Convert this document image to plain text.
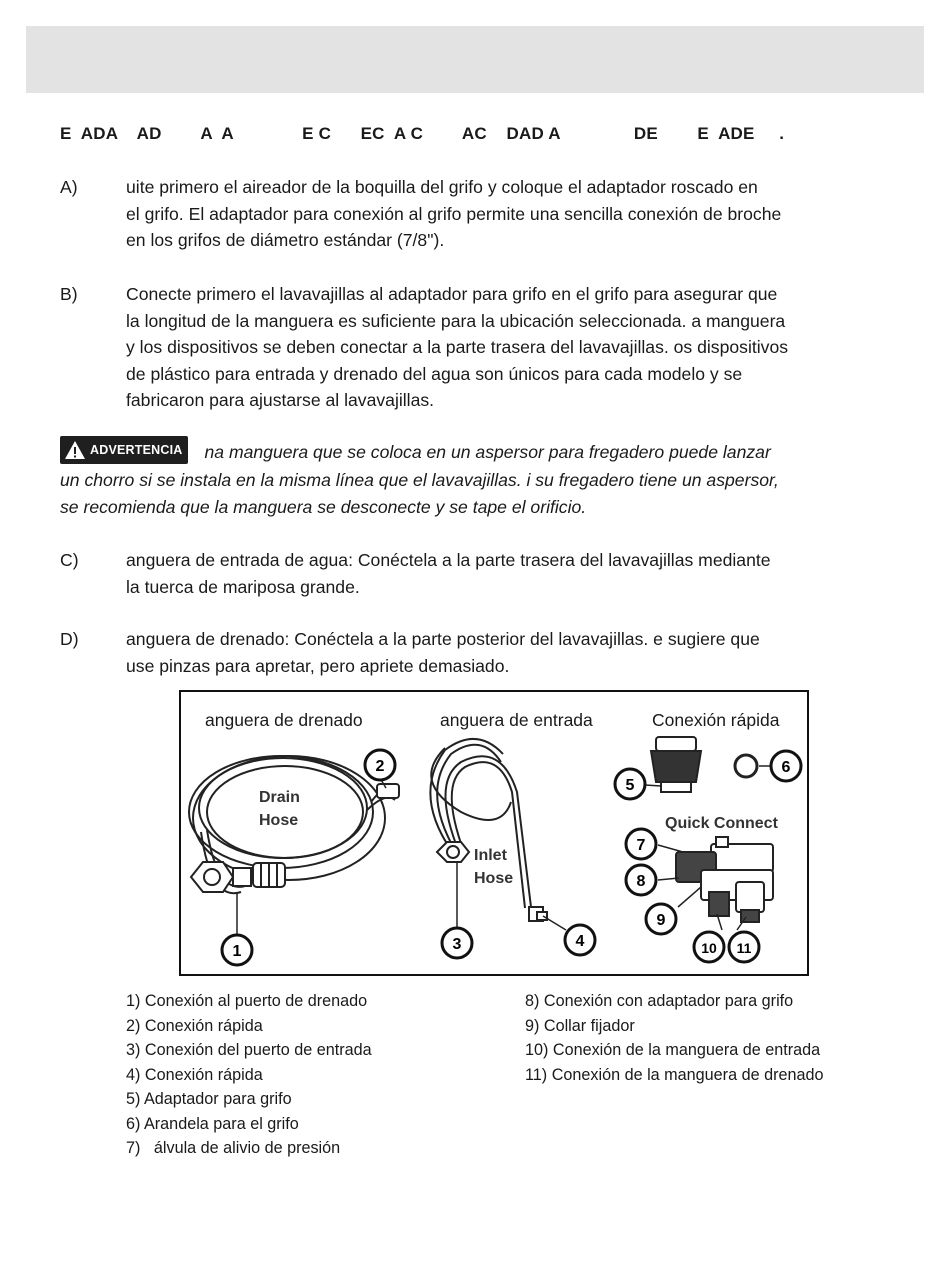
E  ADA    AD        A  A              E C      EC  A C        AC    DAD A               DE        E  ADE     .
A)	uite primero el aireador de la boquilla del grifo y coloque el adaptador roscado en
el grifo. El adaptador para conexión al grifo permite una sencilla conexión de broche
en los grifos de diámetro estándar (7/8").
B)	Conecte primero el lavavajillas al adaptador para grifo en el grifo para asegurar que
la longitud de la manguera es suficiente para la ubicación seleccionada. a manguera
y los dispositivos se deben conectar a la parte trasera del lavavajillas. os dispositivos
de plástico para entrada y drenado del agua son únicos para cada modelo y se
fabricaron para ajustarse al lavavajillas.
ADVERTENCIA na manguera que se coloca en un aspersor para fregadero puede lanzar
un chorro si se instala en la misma línea que el lavavajillas. i su fregadero tiene un aspersor,
se recomienda que la manguera se desconecte y se tape el orificio.
C)	anguera de entrada de agua: Conéctela a la parte trasera del lavavajillas mediante
la tuerca de mariposa grande.
D)	anguera de drenado: Conéctela a la parte posterior del lavavajillas. e sugiere que
use pinzas para apretar, pero apriete demasiado.
anguera de drenado	anguera de entrada	Conexión rápida
Drain
Hose
Inlet
Hose
Quick Connect
1
2
3	4
5
6
7
8
9
10 11
1) Conexión al puerto de drenado
2) Conexión rápida
3) Conexión del puerto de entrada
4) Conexión rápida
5) Adaptador para grifo
6) Arandela para el grifo
7)   álvula de alivio de presión
8) Conexión con adaptador para grifo
9) Collar fijador
10) Conexión de la manguera de entrada
11) Conexión de la manguera de drenado
